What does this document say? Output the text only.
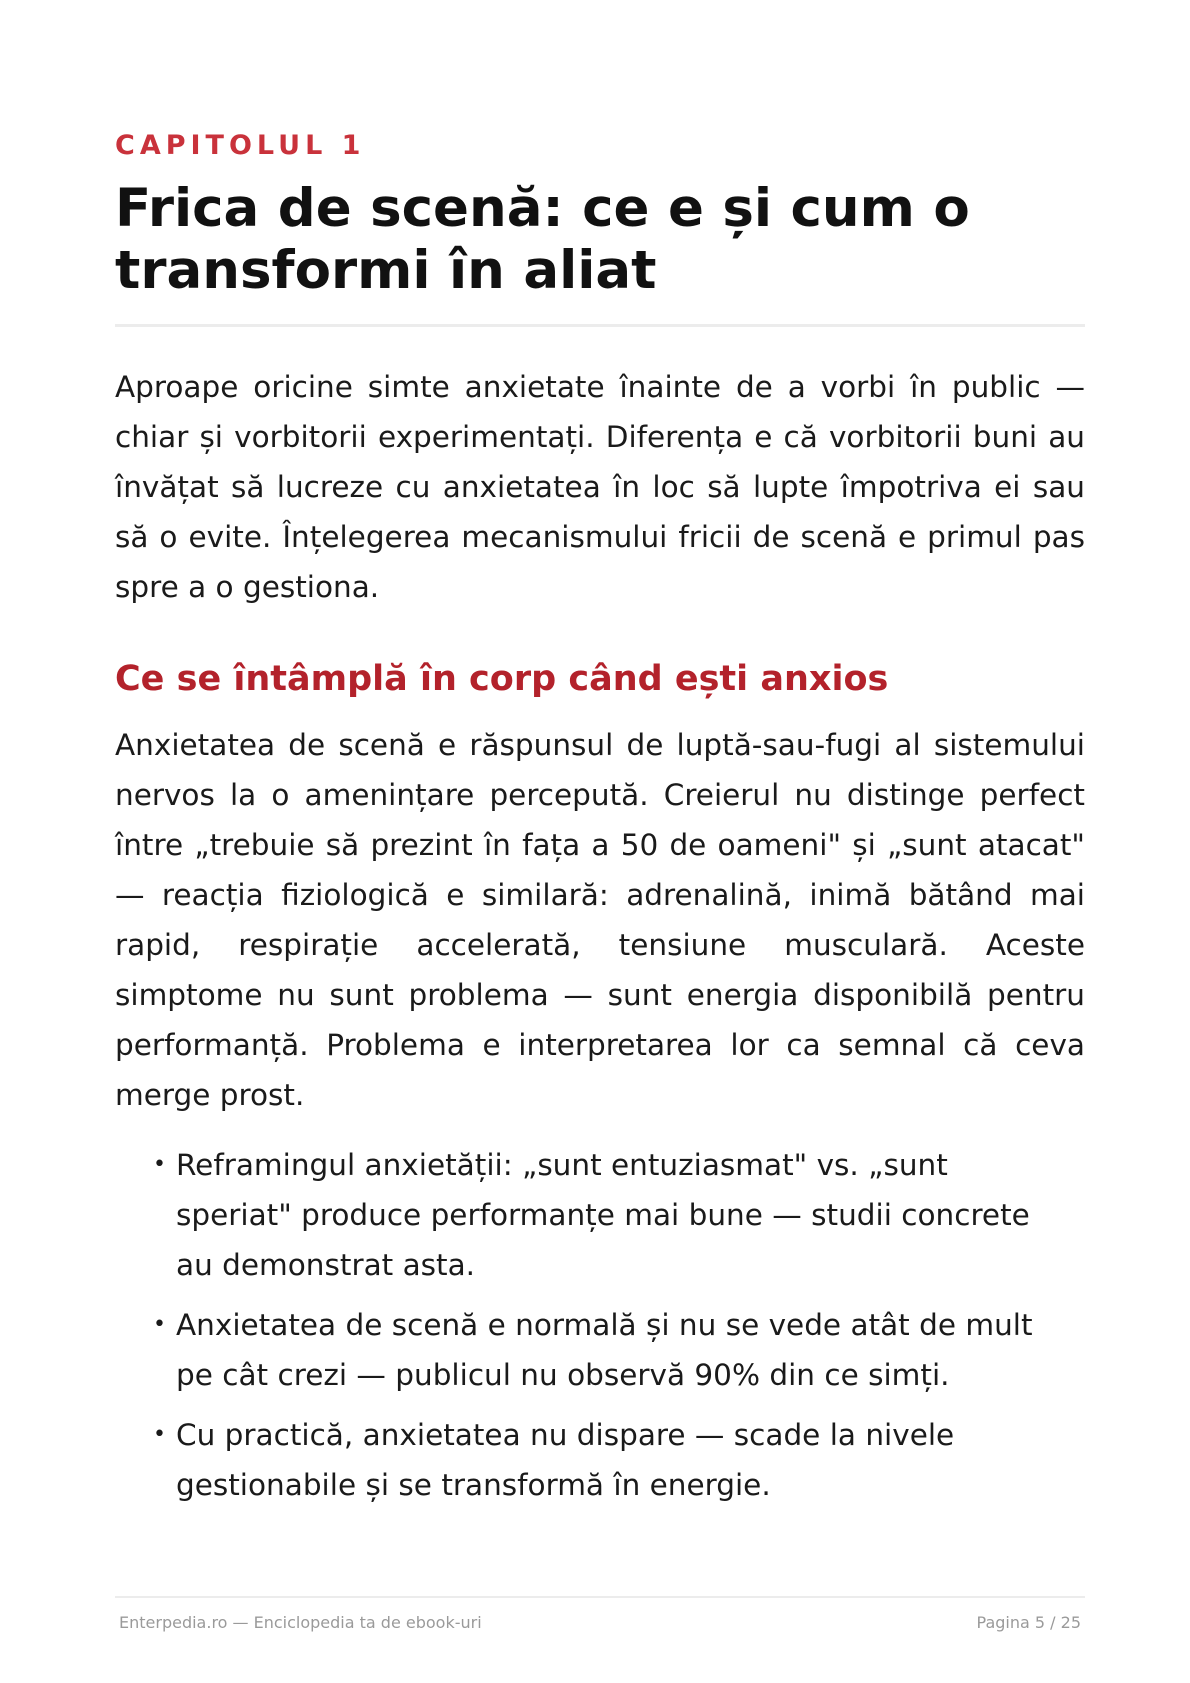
CAPITOLUL 1
Frica de scenă: ce e și cum o transformi în aliat

Aproape oricine simte anxietate înainte de a vorbi în public — chiar și vorbitorii experimentați. Diferența e că vorbitorii buni au învățat să lucreze cu anxietatea în loc să lupte împotriva ei sau să o evite. Înțelegerea mecanismului fricii de scenă e primul pas spre a o gestiona.

Ce se întâmplă în corp când ești anxios

Anxietatea de scenă e răspunsul de luptă-sau-fugi al sistemului nervos la o amenințare percepută. Creierul nu distinge perfect între „trebuie să prezint în fața a 50 de oameni" și „sunt atacat" — reacția fiziologică e similară: adrenalină, inimă bătând mai rapid, respirație accelerată, tensiune musculară. Aceste simptome nu sunt problema — sunt energia disponibilă pentru performanță. Problema e interpretarea lor ca semnal că ceva merge prost.

• Reframingul anxietății: „sunt entuziasmat" vs. „sunt speriat" produce performanțe mai bune — studii concrete au demonstrat asta.
• Anxietatea de scenă e normală și nu se vede atât de mult pe cât crezi — publicul nu observă 90% din ce simți.
• Cu practică, anxietatea nu dispare — scade la nivele gestionabile și se transformă în energie.
Enterpedia.ro — Enciclopedia ta de ebook-uri	Pagina 5 / 25
